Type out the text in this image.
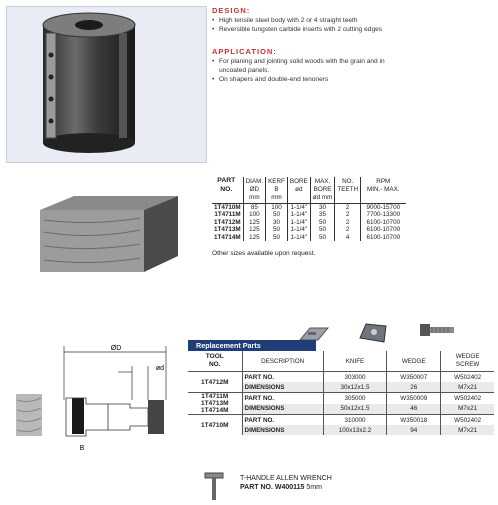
DESIGN:
• High tensile steel body with 2 or 4 straight teeth
• Reversible tungsten carbide inserts with 2 cutting edges
APPLICATION:
• For planing and jointing solid woods with the grain and in uncoated panels.
• On shapers and double-end tenoners
PART
NO.	DIAM.
ØD
mm	KERF
B
mm	BORE
ød	MAX.
BORE
ød mm	NO.
TEETH	RPM
MIN.- MAX.

1T4710M	85	100	1-1/4"	30	2	9000-15700
1T4711M	100	50	1-1/4"	35	2	7700-13300
1T4712M	125	30	1-1/4"	50	2	6100-10700
1T4713M	125	50	1-1/4"	50	2	6100-10700
1T4714M	125	50	1-1/4"	50	4	6100-10700
Other sizes available upon request.
ØD
ød
B
Replacement Parts
TOOL
NO.	DESCRIPTION	KNIFE	WEDGE	WEDGE
SCREW

1T4712M	PART NO.	303000	W350007	W502402
	DIMENSIONS	30x12x1.5	26	M7x21

1T4711M
1T4713M
1T4714M	PART NO.	305000	W350009	W502402
	DIMENSIONS	50x12x1.5	46	M7x21

1T4710M	PART NO.	310000	W350018	W502402
	DIMENSIONS	100x13x2.2	94	M7x21
T-HANDLE ALLEN WRENCH
PART NO. W400115 5mm
